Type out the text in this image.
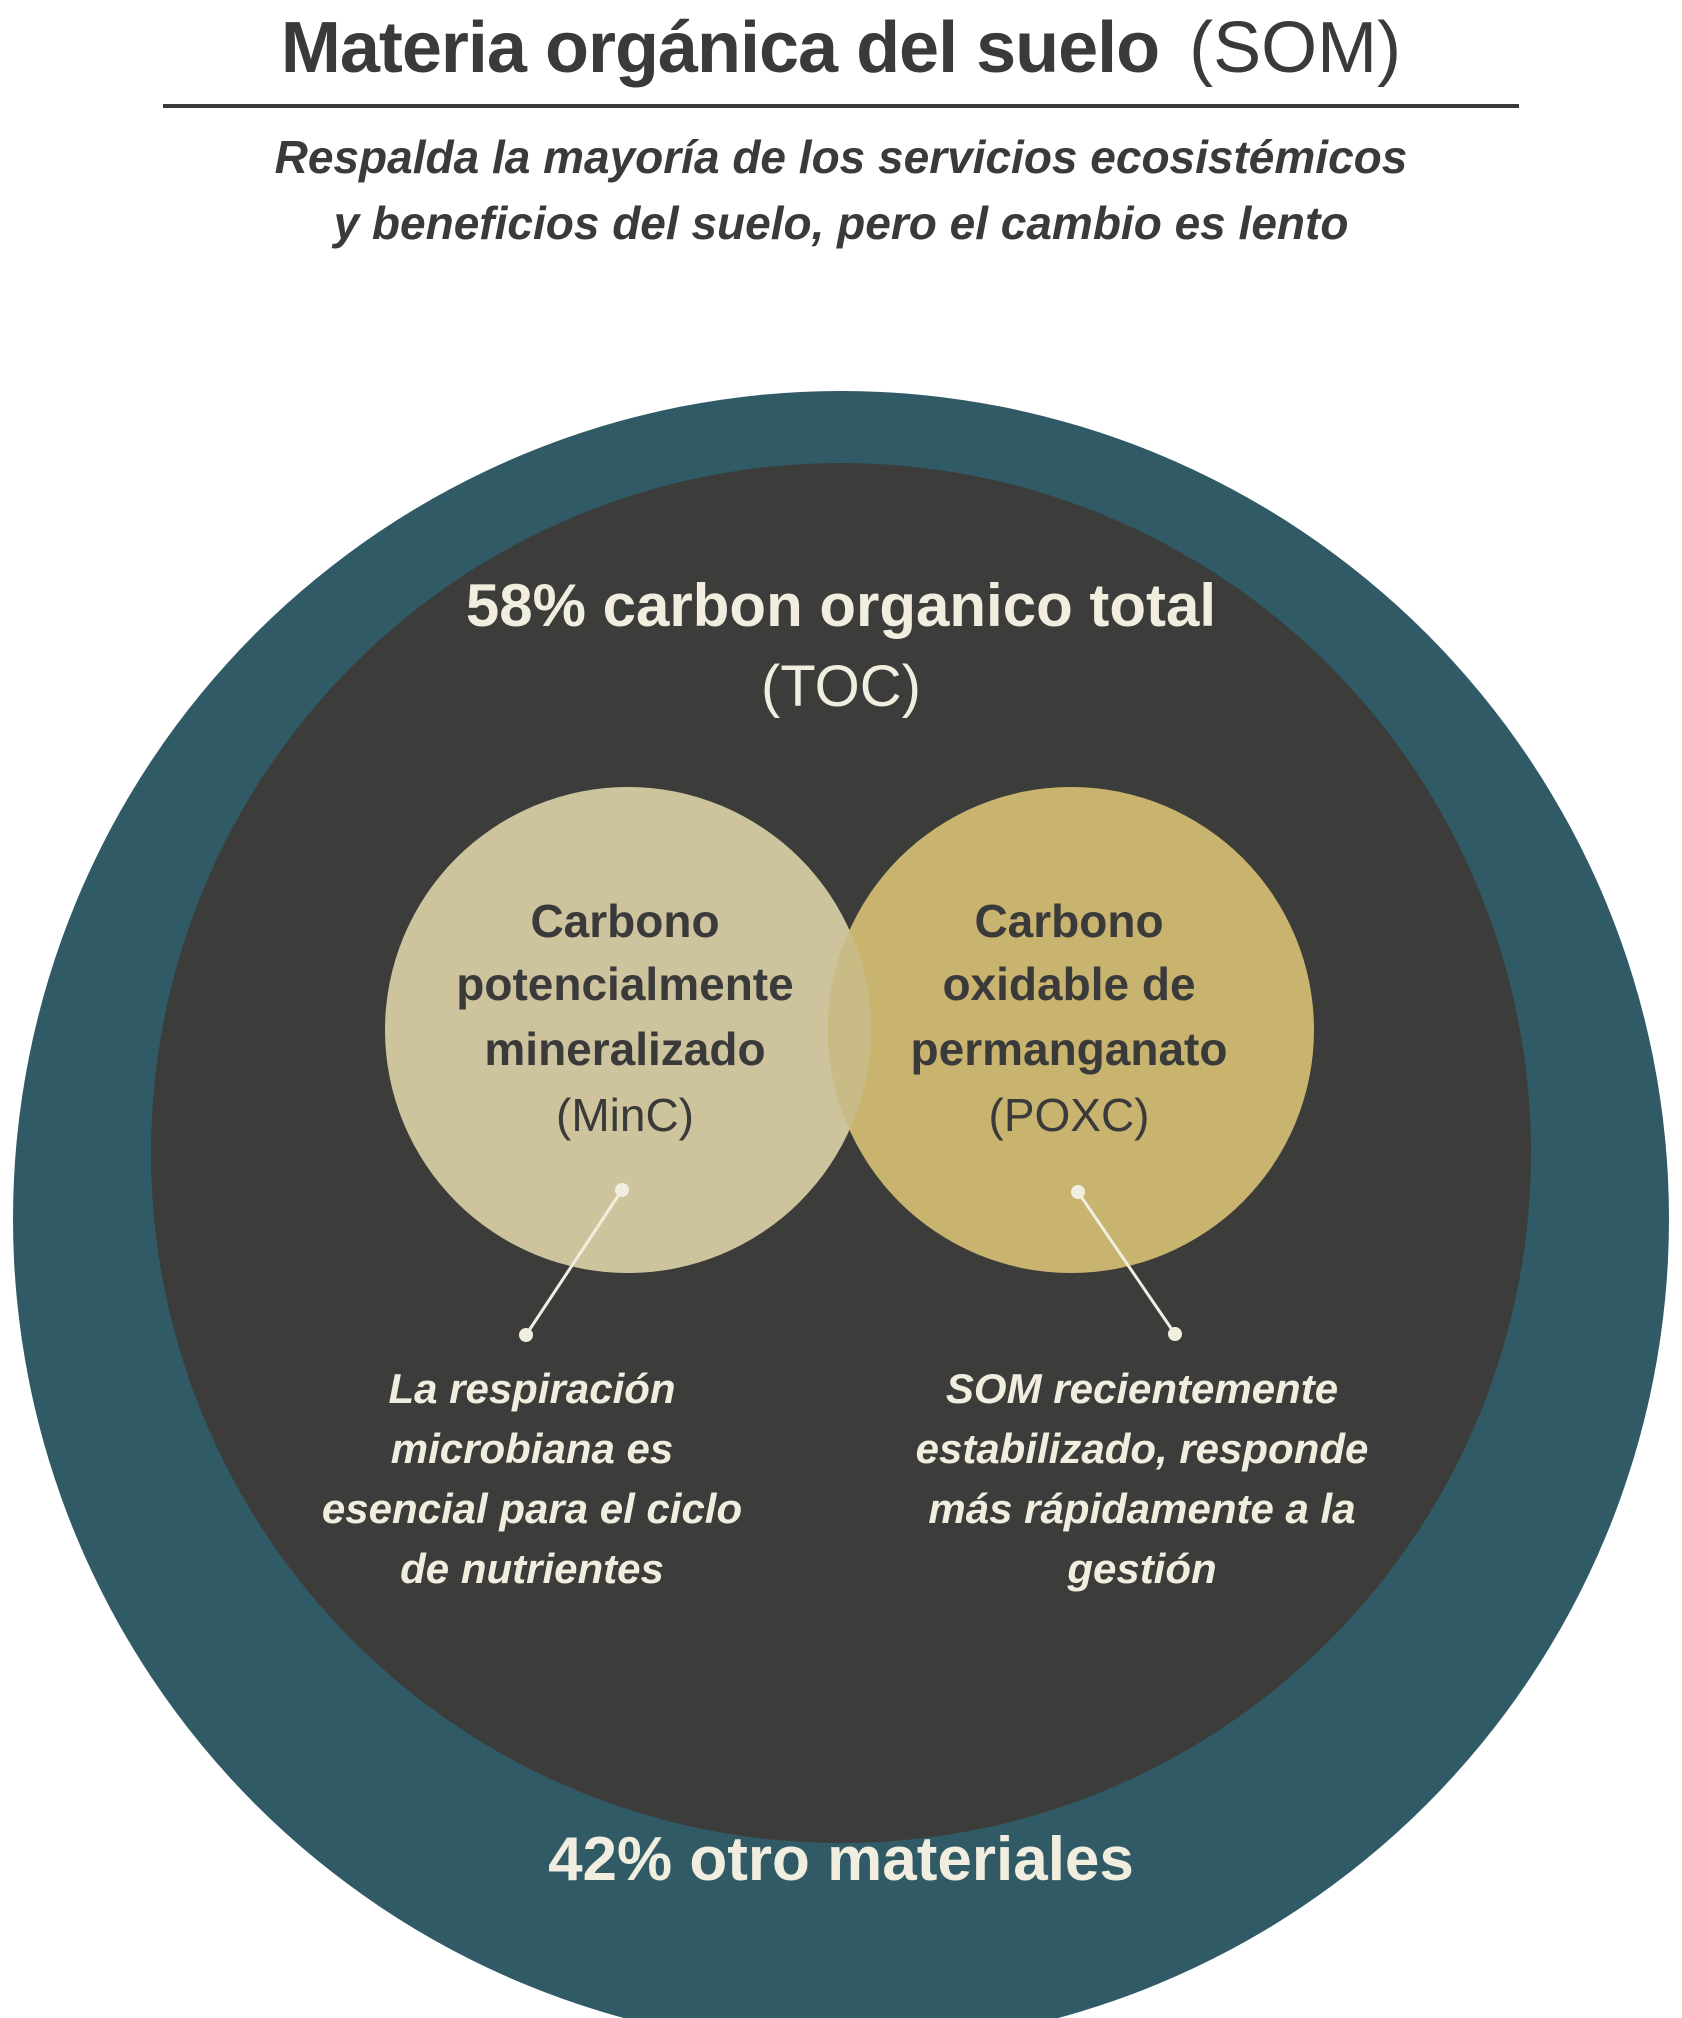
Materia orgánica del suelo (SOM)
Respalda la mayoría de los servicios ecosistémicos
y beneficios del suelo, pero el cambio es lento
58% carbon organico total
(TOC)
Carbono
potencialmente
mineralizado
(MinC)
Carbono
oxidable de
permanganato
(POXC)
La respiración
microbiana es
esencial para el ciclo
de nutrientes
SOM recientemente
estabilizado, responde
más rápidamente a la
gestión
42% otro materiales
